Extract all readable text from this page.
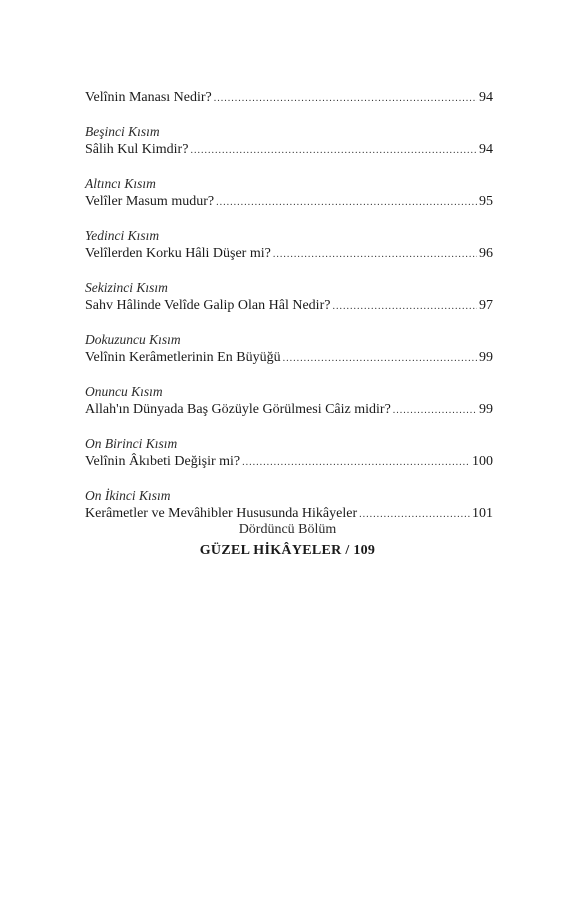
Velînin Manası Nedir? .....	94
Beşinci Kısım
Sâlih Kul Kimdir? .....	94
Altıncı Kısım
Velîler Masum mudur? .....	95
Yedinci Kısım
Velîlerden Korku Hâli Düşer mi? .....	96
Sekizinci Kısım
Sahv Hâlinde Velîde Galip Olan Hâl Nedir? .....	97
Dokuzuncu Kısım
Velînin Kerâmetlerinin En Büyüğü .....	99
Onuncu Kısım
Allah'ın Dünyada Baş Gözüyle Görülmesi Câiz midir? .....	99
On Birinci Kısım
Velînin Âkıbeti Değişir mi? .....	100
On İkinci Kısım
Kerâmetler ve Mevâhibler Hususunda Hikâyeler .....	101
Dördüncü Bölüm
GÜZEL HİKÂYELER / 109
